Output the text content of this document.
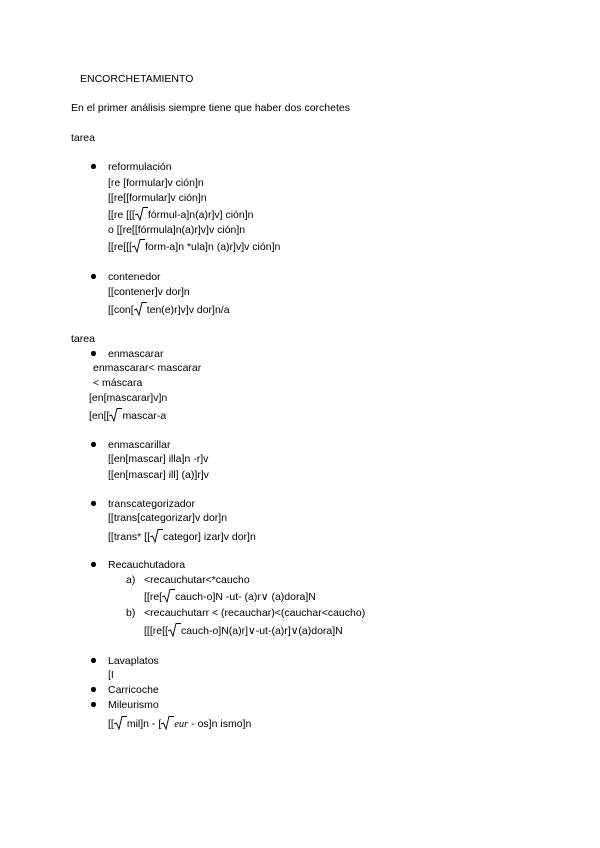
ENCORCHETAMIENTO
En el primer análisis siempre tiene que haber dos corchetes
tarea
reformulación
[re [formular]v ción]n
[[re[[formular]v ción]n
[[re [[[ fórmul-a]n(a)r]v] ción]n
o [[re[[fórmula]n(a)r]v]v ción]n
[[re[[[ form-a]n *ula]n (a)r]v]v ción]n
contenedor
[[contener]v dor]n
[[con[ ten(e)r]v]v dor]n/a
tarea
enmascarar
enmascarar< mascarar
< máscara
[en[mascarar]v]n
[en[[ mascar-a
enmascarillar
[[en[mascar] illa]n -r]v
[[en[mascar] ill] (a)]r]v
transcategorizador
[[trans[categorizar]v dor]n
[[trans* [[ categor] izar]v dor]n
Recauchutadora
a) <recauchutar<*caucho
[[re[ cauch-o]N -ut- (a)r∨ (a)dora]N
b) <recauchutarr < (recauchar)<(cauchar<caucho)
[[[re[[ cauch-o]N(a)r]∨-ut-(a)r]∨(a)dora]N
Lavaplatos
[I
Carricoche
Mileurismo
[[ mil]n - [ eur - os]n ismo]n
